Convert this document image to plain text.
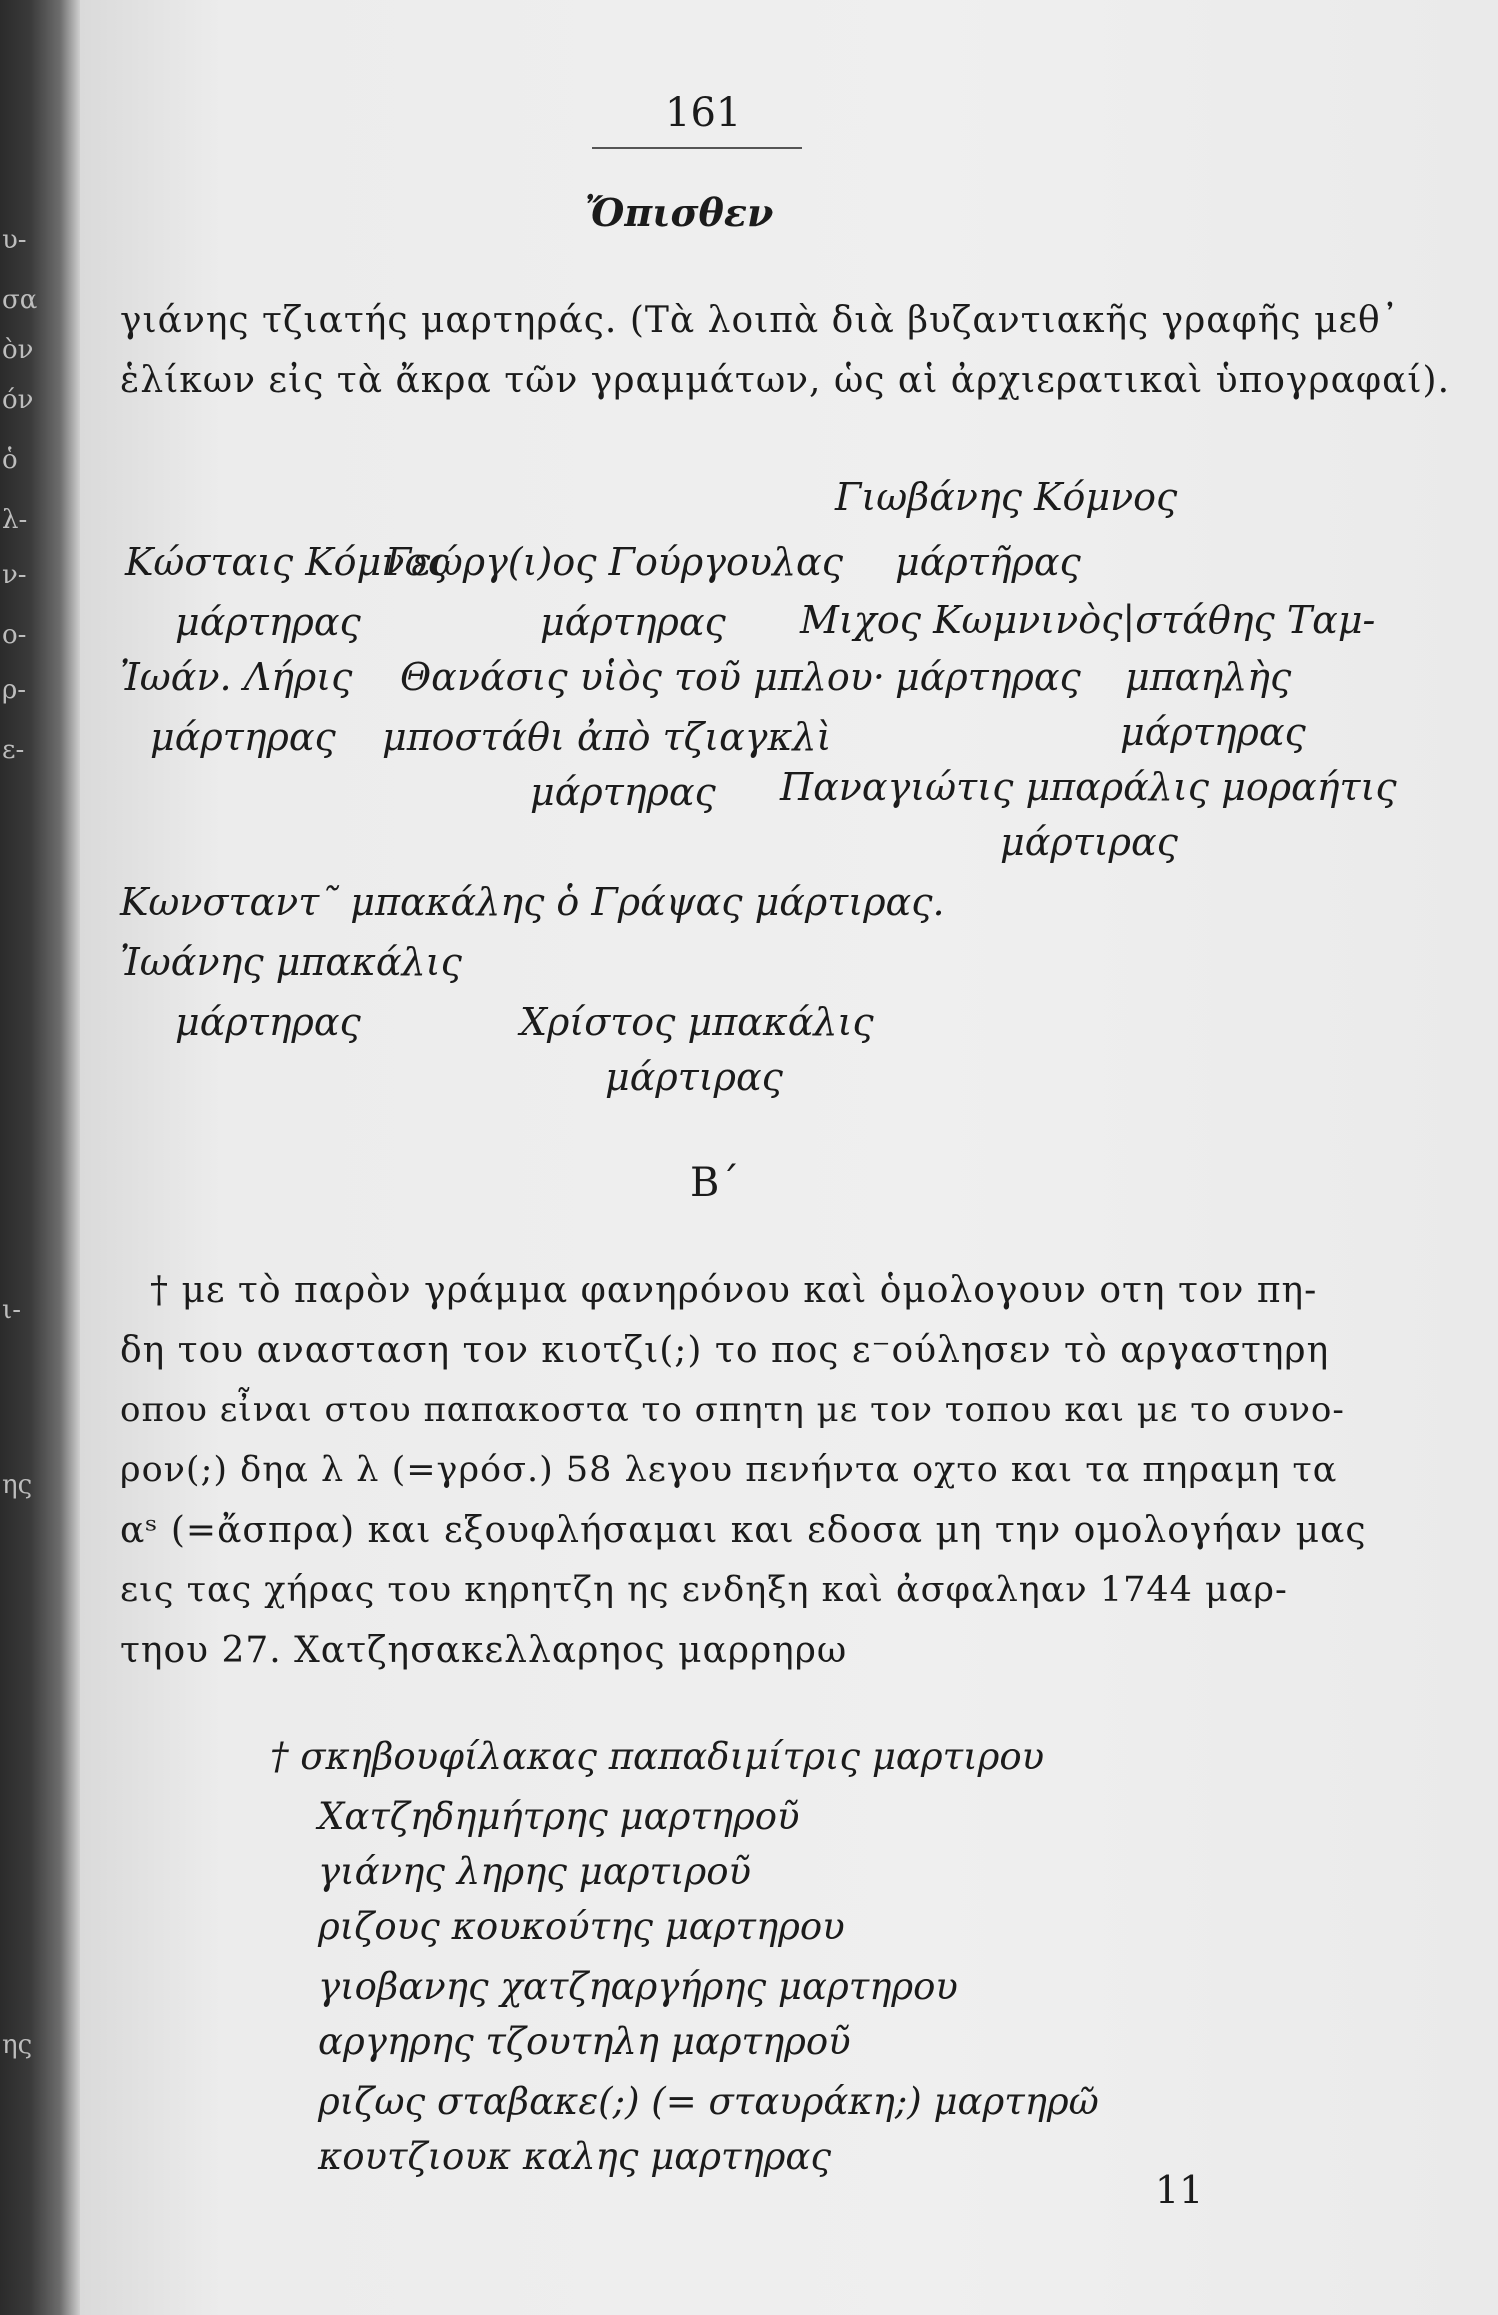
υ-
σα
ὸν
όν
ὁ
λ-
ν-
ο-
ρ-
ε-
ι-
ης
ης
161
Ὄπισθεν
γιάνης τζιατής μαρτηράς. (Τὰ λοιπὰ διὰ βυζαντιακῆς γραφῆς μεθ᾽
ἑλίκων εἰς τὰ ἄκρα τῶν γραμμάτων, ὡς αἱ ἀρχιερατικαὶ ὑπογραφαί).
Γιωβάνης Κόμνος
Κώσταις Κόμνος
Γεώργ(ι)ος Γούργουλας μάρτῆρας
μάρτηρας	μάρτηρας Μιχος Κωμνινὸς|στάθης Ταμ-
Ἰωάν. Λήρις Θανάσις υἱὸς τοῦ μπλου· μάρτηρας μπαηλὴς
μάρτηρας μποστάθι ἀπὸ τζιαγκλὶ	μάρτηρας
μάρτηρας Παναγιώτις μπαράλις μοραήτις
μάρτιρας
Κωνσταντ˜ μπακάλης ὁ Γράψας μάρτιρας.
Ἰωάνης μπακάλις
μάρτηρας	Χρίστος μπακάλις
μάρτιρας
Β΄
† με τὸ παρὸν γράμμα φανηρόνου καὶ ὁμολογουν οτη τον πη-
δη του ανασταση τον κιοτζι(;) το πος ε⁻ούλησεν τὸ αργαστηρη
οπου εἶναι στου παπακοστα το σπητη με τον τοπου και με το συνο-
ρον(;) δηα λ λ (=γρόσ.) 58 λεγου πενήντα οχτο και τα πηραμη τα
αˢ (=ἄσπρα) και εξουφλήσαμαι και εδοσα μη την ομολογήαν μας
εις τας χήρας του κηρητζη ης ενδηξη καὶ ἀσφαληαν 1744 μαρ-
τηου 27. Χατζησακελλαρηος μαρρηρω
† σκηβουφίλακας παπαδιμίτρις μαρτιρου
Χατζηδημήτρης μαρτηροῦ
γιάνης ληρης μαρτιροῦ
ριζους κουκούτης μαρτηρου
γιοβανης χατζηαργήρης μαρτηρου
αργηρης τζουτηλη μαρτηροῦ
ριζως σταβακε(;) (= σταυράκη;) μαρτηρῶ
κουτζιουκ καλης μαρτηρας
11
